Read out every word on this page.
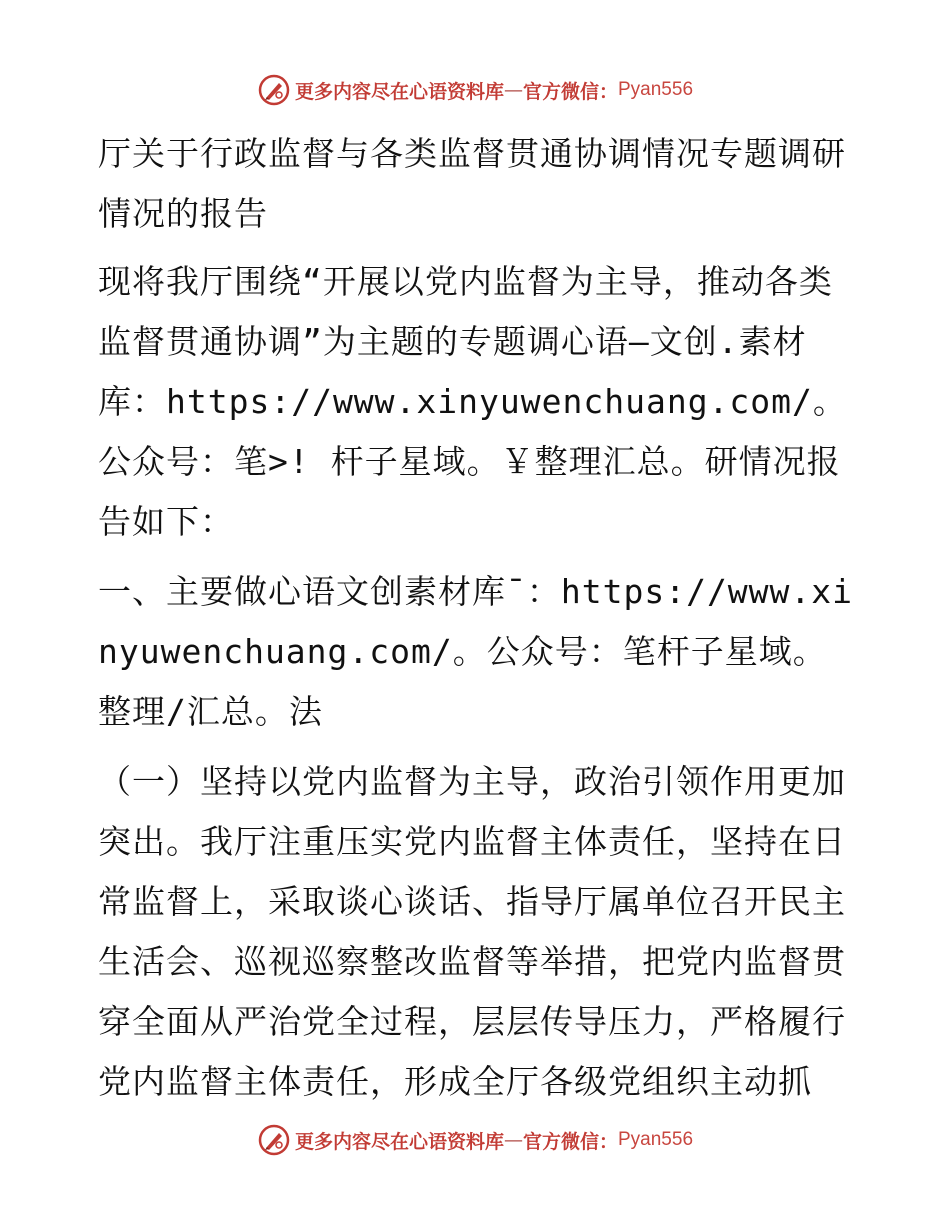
更多内容尽在心语资料库 — 官方微信： Pyan556

厅关于行政监督与各类监督贯通协调情况专题调研情况的报告

现将我厅围绕“开展以党内监督为主导，推动各类监督贯通协调”为主题的专题调心语—文创.素材库：https://www.xinyuwenchuang.com/。公众号：笔>! 杆子星域。￥整理汇总。研情况报告如下：

一、主要做心语文创素材库¯：https://www.xinyuwenchuang.com/。公众号：笔杆子星域。整理/汇总。法

（一）坚持以党内监督为主导，政治引领作用更加突出。我厅注重压实党内监督主体责任，坚持在日常监督上，采取谈心谈话、指导厅属单位召开民主生活会、巡视巡察整改监督等举措，把党内监督贯穿全面从严治党全过程，层层传导压力，严格履行党内监督主体责任，形成全厅各级党组织主动抓

更多内容尽在心语资料库 — 官方微信： Pyan556
